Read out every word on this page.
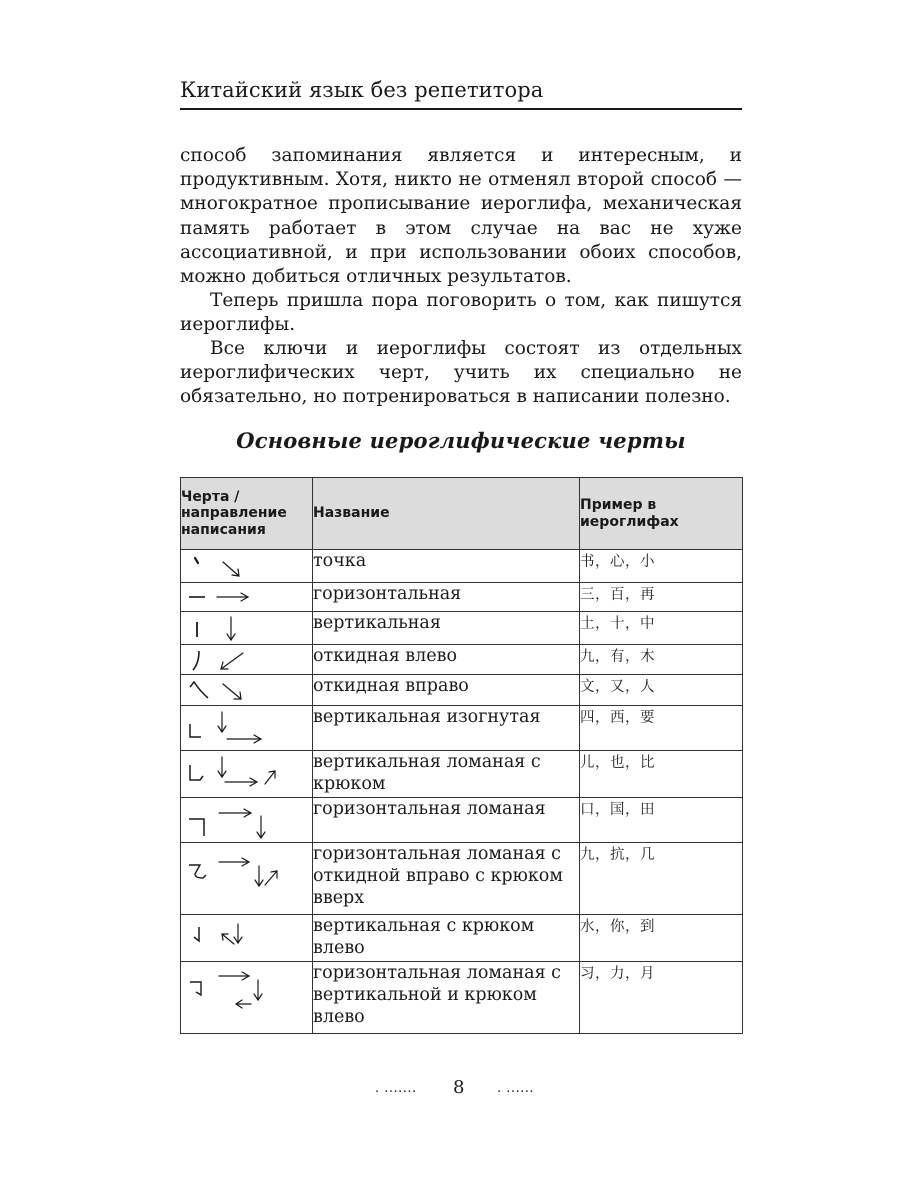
Китайский язык без репетитора

способ запоминания является и интересным, и продуктивным. Хотя, никто не отменял второй способ — многократное прописывание иероглифа, механическая память работает в этом случае на вас не хуже ассоциативной, и при использовании обоих способов, можно добиться отличных результатов.

Теперь пришла пора поговорить о том, как пишутся иероглифы.

Все ключи и иероглифы состоят из отдельных иероглифических черт, учить их специально не обязательно, но потренироваться в написании полезно.

Основные иероглифические черты
Черта / направление написания	Название	Пример в иероглифах

	точка	书，心，小

	горизонтальная	三，百，再

	вертикальная	土，十，中

	откидная влево	九，有，木

	откидная вправо	文，又，人

	вертикальная изогнутая	四，西，要

	вертикальная ломаная с крюком	儿，也，比

	горизонтальная ломаная	口，国，田

	горизонтальная ломаная с откидной вправо с крюком вверх	九，抗，几

	вертикальная с крюком влево	水，你，到

	горизонтальная ломаная с вертикальной и крюком влево	习，力，月
. ....... 8	. ......
